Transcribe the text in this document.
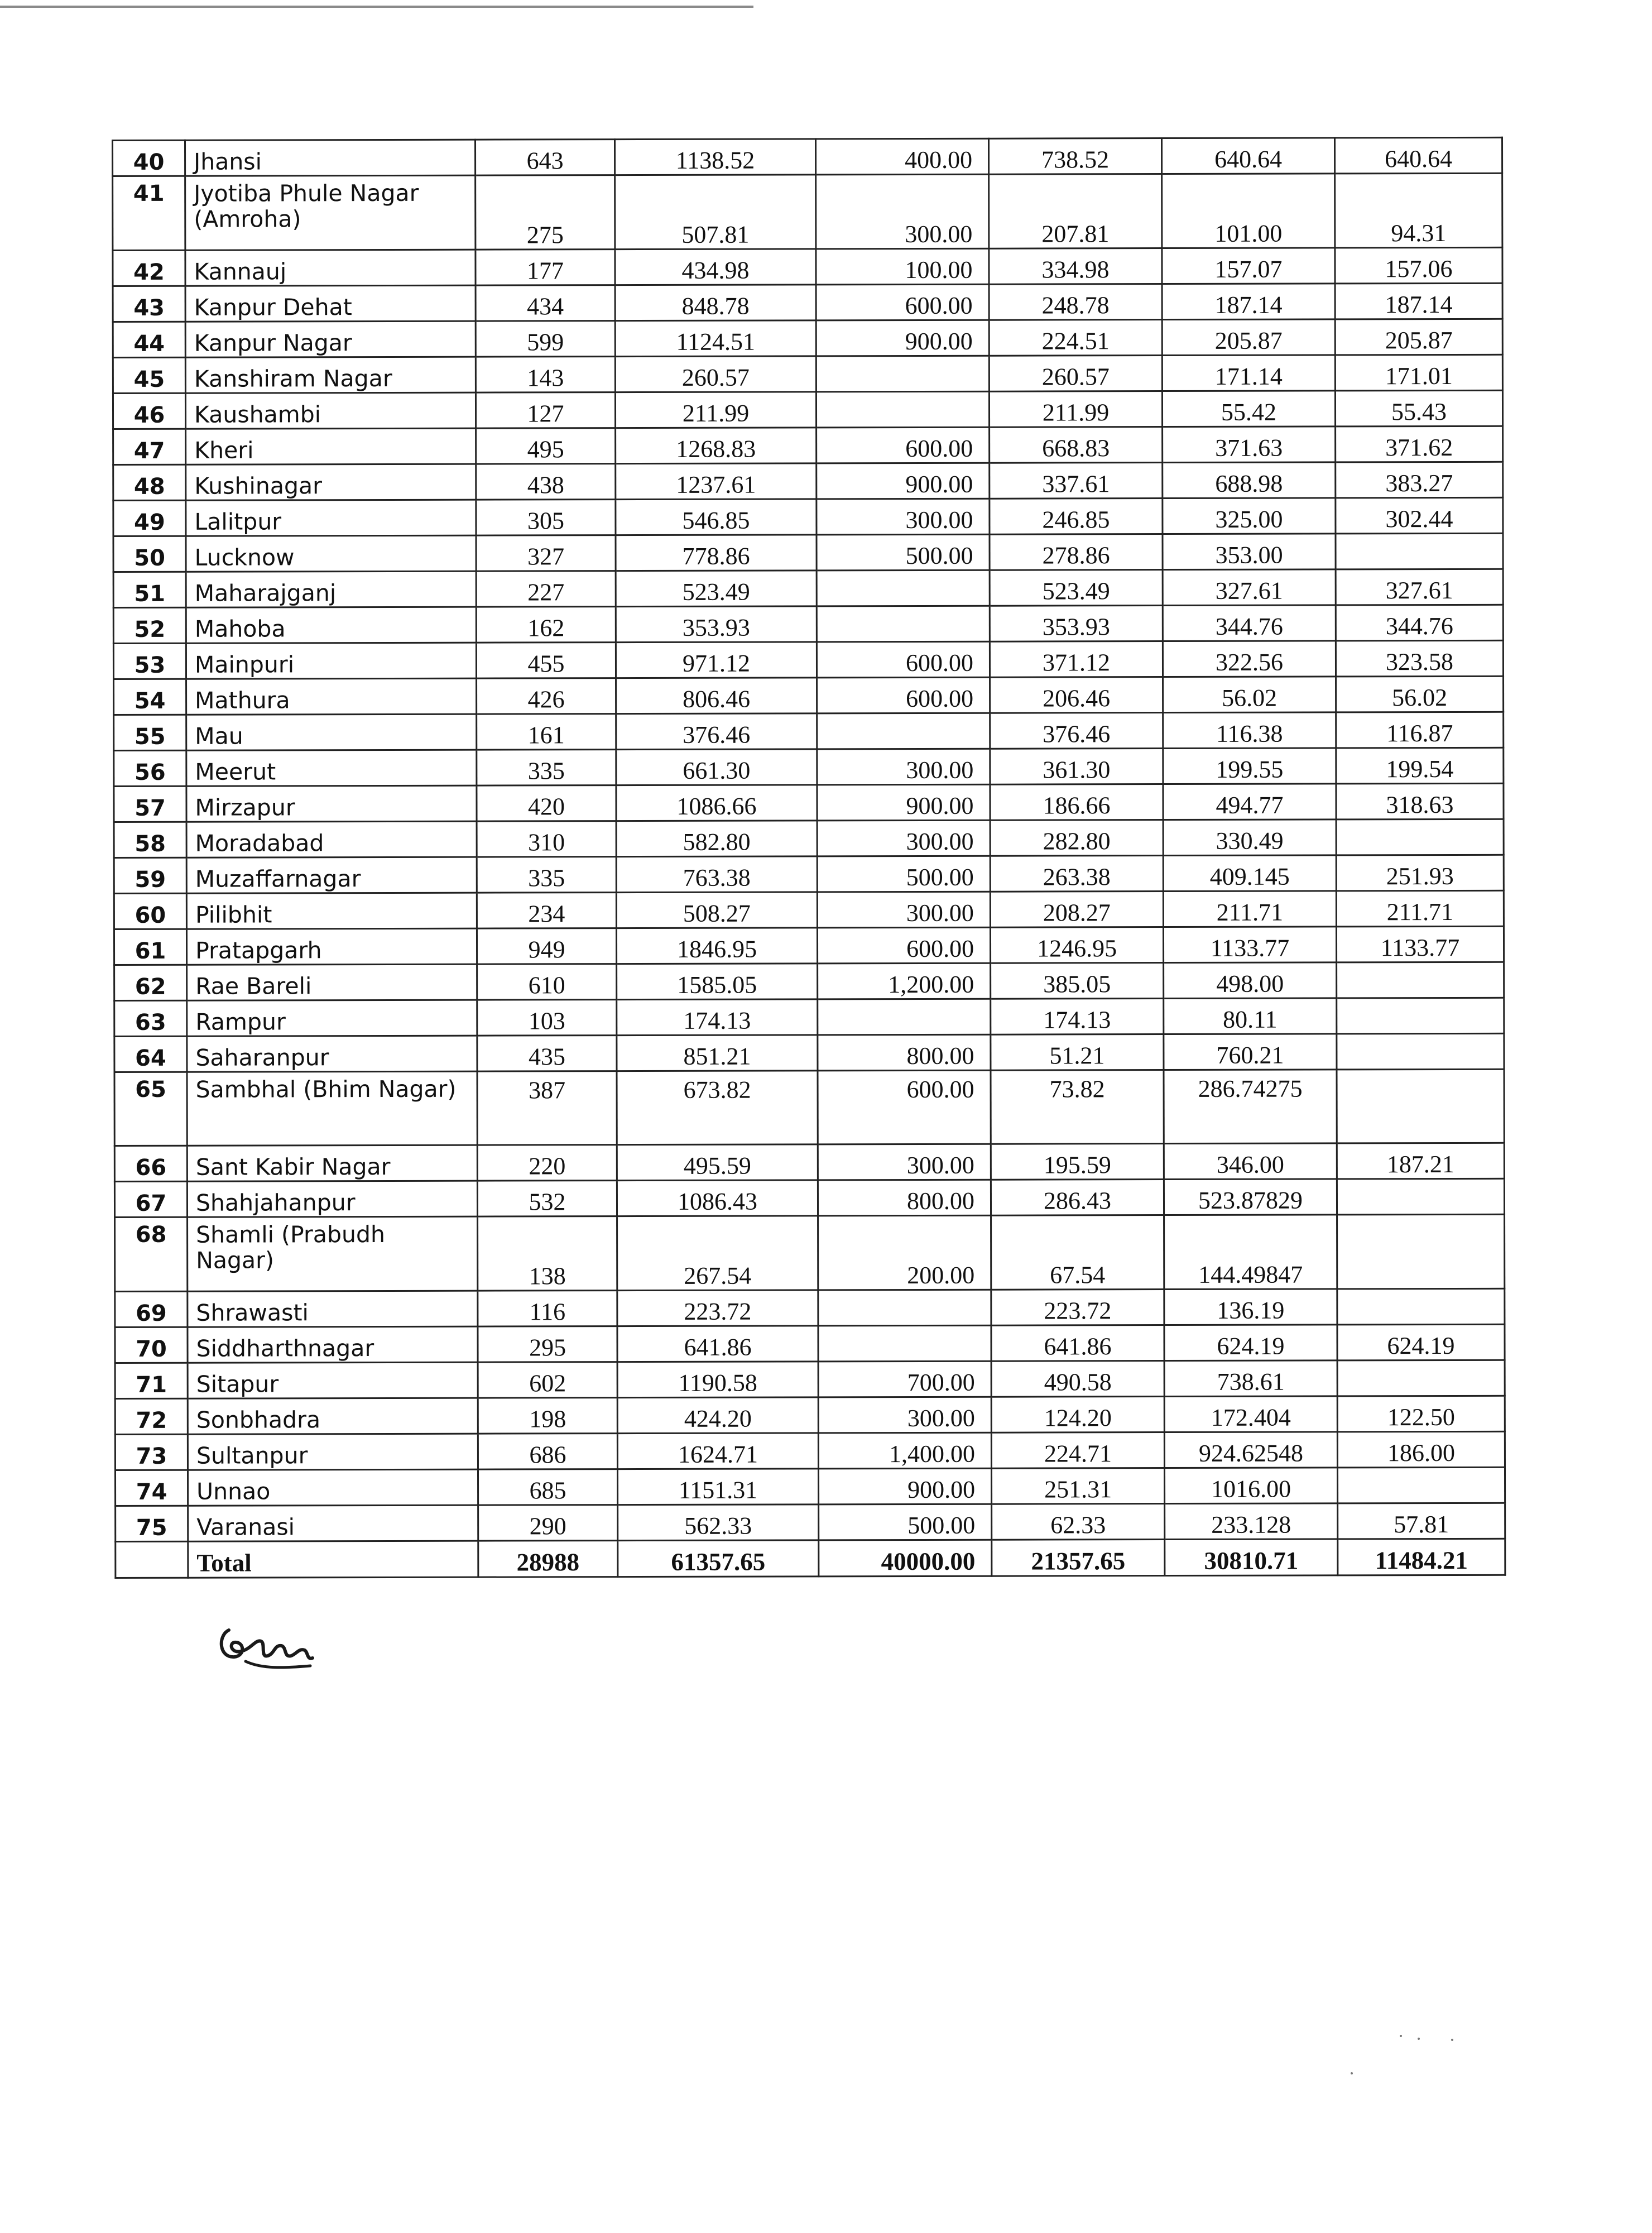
40	Jhansi	643	1138.52	400.00	738.52	640.64	640.64
41	Jyotiba Phule Nagar (Amroha)	275	507.81	300.00	207.81	101.00	94.31
42	Kannauj	177	434.98	100.00	334.98	157.07	157.06
43	Kanpur Dehat	434	848.78	600.00	248.78	187.14	187.14
44	Kanpur Nagar	599	1124.51	900.00	224.51	205.87	205.87
45	Kanshiram Nagar	143	260.57		260.57	171.14	171.01
46	Kaushambi	127	211.99		211.99	55.42	55.43
47	Kheri	495	1268.83	600.00	668.83	371.63	371.62
48	Kushinagar	438	1237.61	900.00	337.61	688.98	383.27
49	Lalitpur	305	546.85	300.00	246.85	325.00	302.44
50	Lucknow	327	778.86	500.00	278.86	353.00	
51	Maharajganj	227	523.49		523.49	327.61	327.61
52	Mahoba	162	353.93		353.93	344.76	344.76
53	Mainpuri	455	971.12	600.00	371.12	322.56	323.58
54	Mathura	426	806.46	600.00	206.46	56.02	56.02
55	Mau	161	376.46		376.46	116.38	116.87
56	Meerut	335	661.30	300.00	361.30	199.55	199.54
57	Mirzapur	420	1086.66	900.00	186.66	494.77	318.63
58	Moradabad	310	582.80	300.00	282.80	330.49	
59	Muzaffarnagar	335	763.38	500.00	263.38	409.145	251.93
60	Pilibhit	234	508.27	300.00	208.27	211.71	211.71
61	Pratapgarh	949	1846.95	600.00	1246.95	1133.77	1133.77
62	Rae Bareli	610	1585.05	1,200.00	385.05	498.00	
63	Rampur	103	174.13		174.13	80.11	
64	Saharanpur	435	851.21	800.00	51.21	760.21	
65	Sambhal (Bhim Nagar)	387	673.82	600.00	73.82	286.74275	
66	Sant Kabir Nagar	220	495.59	300.00	195.59	346.00	187.21
67	Shahjahanpur	532	1086.43	800.00	286.43	523.87829	
68	Shamli (Prabudh Nagar)	138	267.54	200.00	67.54	144.49847	
69	Shrawasti	116	223.72		223.72	136.19	
70	Siddharthnagar	295	641.86		641.86	624.19	624.19
71	Sitapur	602	1190.58	700.00	490.58	738.61	
72	Sonbhadra	198	424.20	300.00	124.20	172.404	122.50
73	Sultanpur	686	1624.71	1,400.00	224.71	924.62548	186.00
74	Unnao	685	1151.31	900.00	251.31	1016.00	
75	Varanasi	290	562.33	500.00	62.33	233.128	57.81
	Total	28988	61357.65	40000.00	21357.65	30810.71	11484.21
